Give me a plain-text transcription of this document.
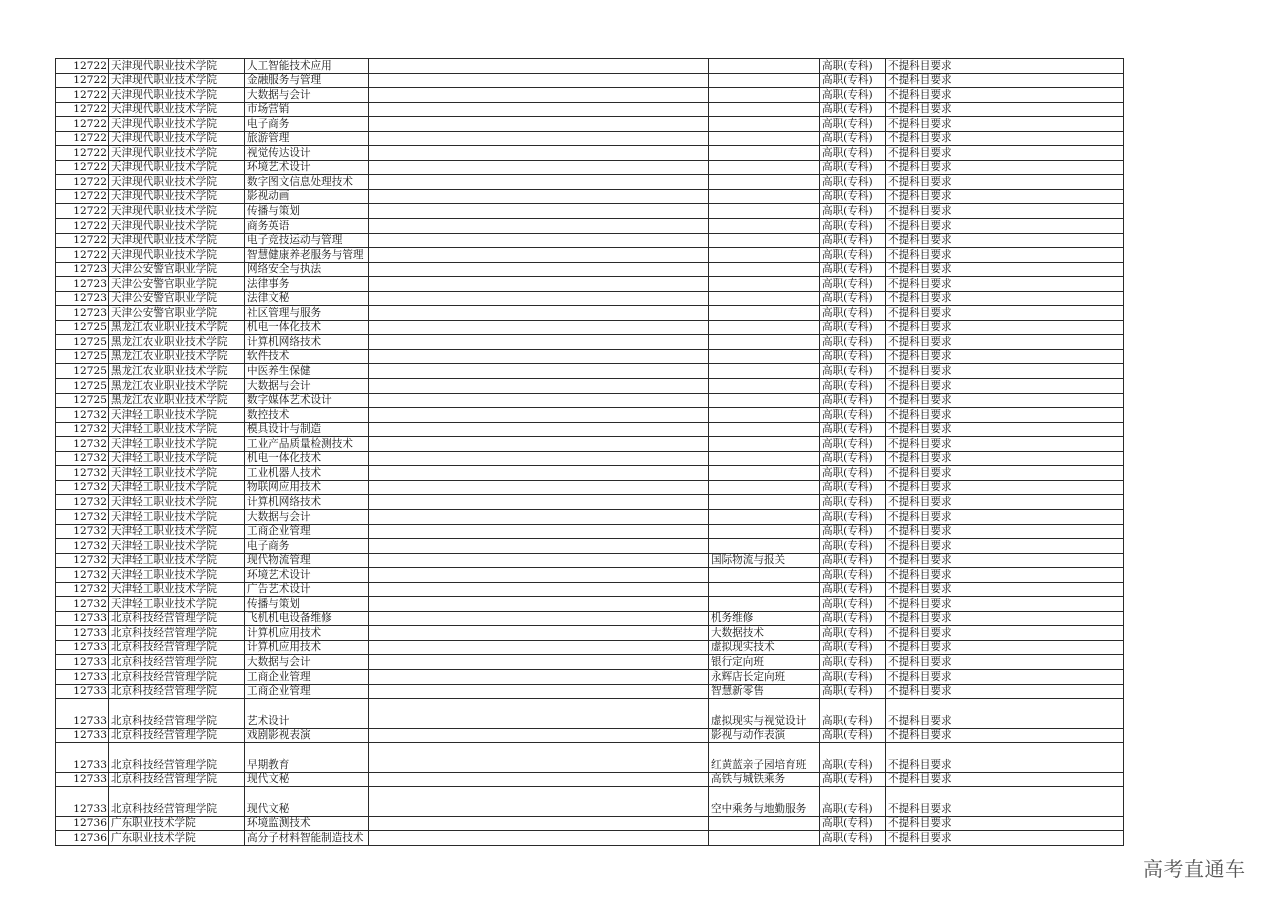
12722	天津现代职业技术学院	人工智能技术应用			高职(专科)	不提科目要求
12722	天津现代职业技术学院	金融服务与管理			高职(专科)	不提科目要求
12722	天津现代职业技术学院	大数据与会计			高职(专科)	不提科目要求
12722	天津现代职业技术学院	市场营销			高职(专科)	不提科目要求
12722	天津现代职业技术学院	电子商务			高职(专科)	不提科目要求
12722	天津现代职业技术学院	旅游管理			高职(专科)	不提科目要求
12722	天津现代职业技术学院	视觉传达设计			高职(专科)	不提科目要求
12722	天津现代职业技术学院	环境艺术设计			高职(专科)	不提科目要求
12722	天津现代职业技术学院	数字图文信息处理技术			高职(专科)	不提科目要求
12722	天津现代职业技术学院	影视动画			高职(专科)	不提科目要求
12722	天津现代职业技术学院	传播与策划			高职(专科)	不提科目要求
12722	天津现代职业技术学院	商务英语			高职(专科)	不提科目要求
12722	天津现代职业技术学院	电子竞技运动与管理			高职(专科)	不提科目要求
12722	天津现代职业技术学院	智慧健康养老服务与管理			高职(专科)	不提科目要求
12723	天津公安警官职业学院	网络安全与执法			高职(专科)	不提科目要求
12723	天津公安警官职业学院	法律事务			高职(专科)	不提科目要求
12723	天津公安警官职业学院	法律文秘			高职(专科)	不提科目要求
12723	天津公安警官职业学院	社区管理与服务			高职(专科)	不提科目要求
12725	黑龙江农业职业技术学院	机电一体化技术			高职(专科)	不提科目要求
12725	黑龙江农业职业技术学院	计算机网络技术			高职(专科)	不提科目要求
12725	黑龙江农业职业技术学院	软件技术			高职(专科)	不提科目要求
12725	黑龙江农业职业技术学院	中医养生保健			高职(专科)	不提科目要求
12725	黑龙江农业职业技术学院	大数据与会计			高职(专科)	不提科目要求
12725	黑龙江农业职业技术学院	数字媒体艺术设计			高职(专科)	不提科目要求
12732	天津轻工职业技术学院	数控技术			高职(专科)	不提科目要求
12732	天津轻工职业技术学院	模具设计与制造			高职(专科)	不提科目要求
12732	天津轻工职业技术学院	工业产品质量检测技术			高职(专科)	不提科目要求
12732	天津轻工职业技术学院	机电一体化技术			高职(专科)	不提科目要求
12732	天津轻工职业技术学院	工业机器人技术			高职(专科)	不提科目要求
12732	天津轻工职业技术学院	物联网应用技术			高职(专科)	不提科目要求
12732	天津轻工职业技术学院	计算机网络技术			高职(专科)	不提科目要求
12732	天津轻工职业技术学院	大数据与会计			高职(专科)	不提科目要求
12732	天津轻工职业技术学院	工商企业管理			高职(专科)	不提科目要求
12732	天津轻工职业技术学院	电子商务			高职(专科)	不提科目要求
12732	天津轻工职业技术学院	现代物流管理		国际物流与报关	高职(专科)	不提科目要求
12732	天津轻工职业技术学院	环境艺术设计			高职(专科)	不提科目要求
12732	天津轻工职业技术学院	广告艺术设计			高职(专科)	不提科目要求
12732	天津轻工职业技术学院	传播与策划			高职(专科)	不提科目要求
12733	北京科技经营管理学院	飞机机电设备维修		机务维修	高职(专科)	不提科目要求
12733	北京科技经营管理学院	计算机应用技术		大数据技术	高职(专科)	不提科目要求
12733	北京科技经营管理学院	计算机应用技术		虚拟现实技术	高职(专科)	不提科目要求
12733	北京科技经营管理学院	大数据与会计		银行定向班	高职(专科)	不提科目要求
12733	北京科技经营管理学院	工商企业管理		永辉店长定向班	高职(专科)	不提科目要求
12733	北京科技经营管理学院	工商企业管理		智慧新零售	高职(专科)	不提科目要求
12733	北京科技经营管理学院	艺术设计		虚拟现实与视觉设计	高职(专科)	不提科目要求
12733	北京科技经营管理学院	戏剧影视表演		影视与动作表演	高职(专科)	不提科目要求
12733	北京科技经营管理学院	早期教育		红黄蓝亲子园培育班	高职(专科)	不提科目要求
12733	北京科技经营管理学院	现代文秘		高铁与城铁乘务	高职(专科)	不提科目要求
12733	北京科技经营管理学院	现代文秘		空中乘务与地勤服务	高职(专科)	不提科目要求
12736	广东职业技术学院	环境监测技术			高职(专科)	不提科目要求
12736	广东职业技术学院	高分子材料智能制造技术			高职(专科)	不提科目要求
高考直通车
